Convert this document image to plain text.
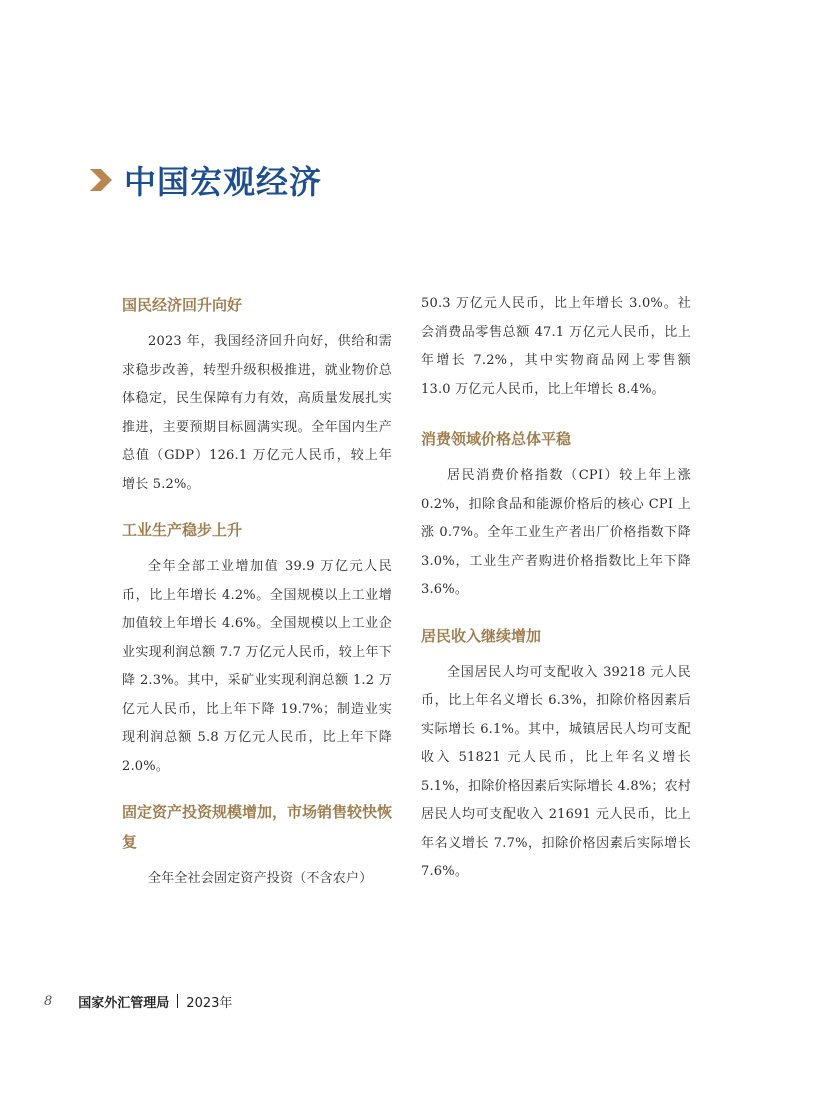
中国宏观经济
国民经济回升向好

2023 年，我国经济回升向好，供给和需求稳步改善，转型升级积极推进，就业物价总体稳定，民生保障有力有效，高质量发展扎实推进，主要预期目标圆满实现。全年国内生产总值（GDP）126.1 万亿元人民币，较上年增长 5.2%。

工业生产稳步上升

全年全部工业增加值 39.9 万亿元人民币，比上年增长 4.2%。全国规模以上工业增加值较上年增长 4.6%。全国规模以上工业企业实现利润总额 7.7 万亿元人民币，较上年下降 2.3%。其中，采矿业实现利润总额 1.2 万亿元人民币，比上年下降 19.7%；制造业实现利润总额 5.8 万亿元人民币，比上年下降 2.0%。

固定资产投资规模增加，市场销售较快恢复

全年全社会固定资产投资（不含农户）

50.3 万亿元人民币，比上年增长 3.0%。社会消费品零售总额 47.1 万亿元人民币，比上年增长 7.2%，其中实物商品网上零售额 13.0 万亿元人民币，比上年增长 8.4%。

消费领域价格总体平稳

居民消费价格指数（CPI）较上年上涨 0.2%，扣除食品和能源价格后的核心 CPI 上涨 0.7%。全年工业生产者出厂价格指数下降 3.0%，工业生产者购进价格指数比上年下降 3.6%。

居民收入继续增加

全国居民人均可支配收入 39218 元人民币，比上年名义增长 6.3%，扣除价格因素后实际增长 6.1%。其中，城镇居民人均可支配收入 51821 元人民币，比上年名义增长 5.1%，扣除价格因素后实际增长 4.8%；农村居民人均可支配收入 21691 元人民币，比上年名义增长 7.7%，扣除价格因素后实际增长 7.6%。

8 国家外汇管理局 2023年
